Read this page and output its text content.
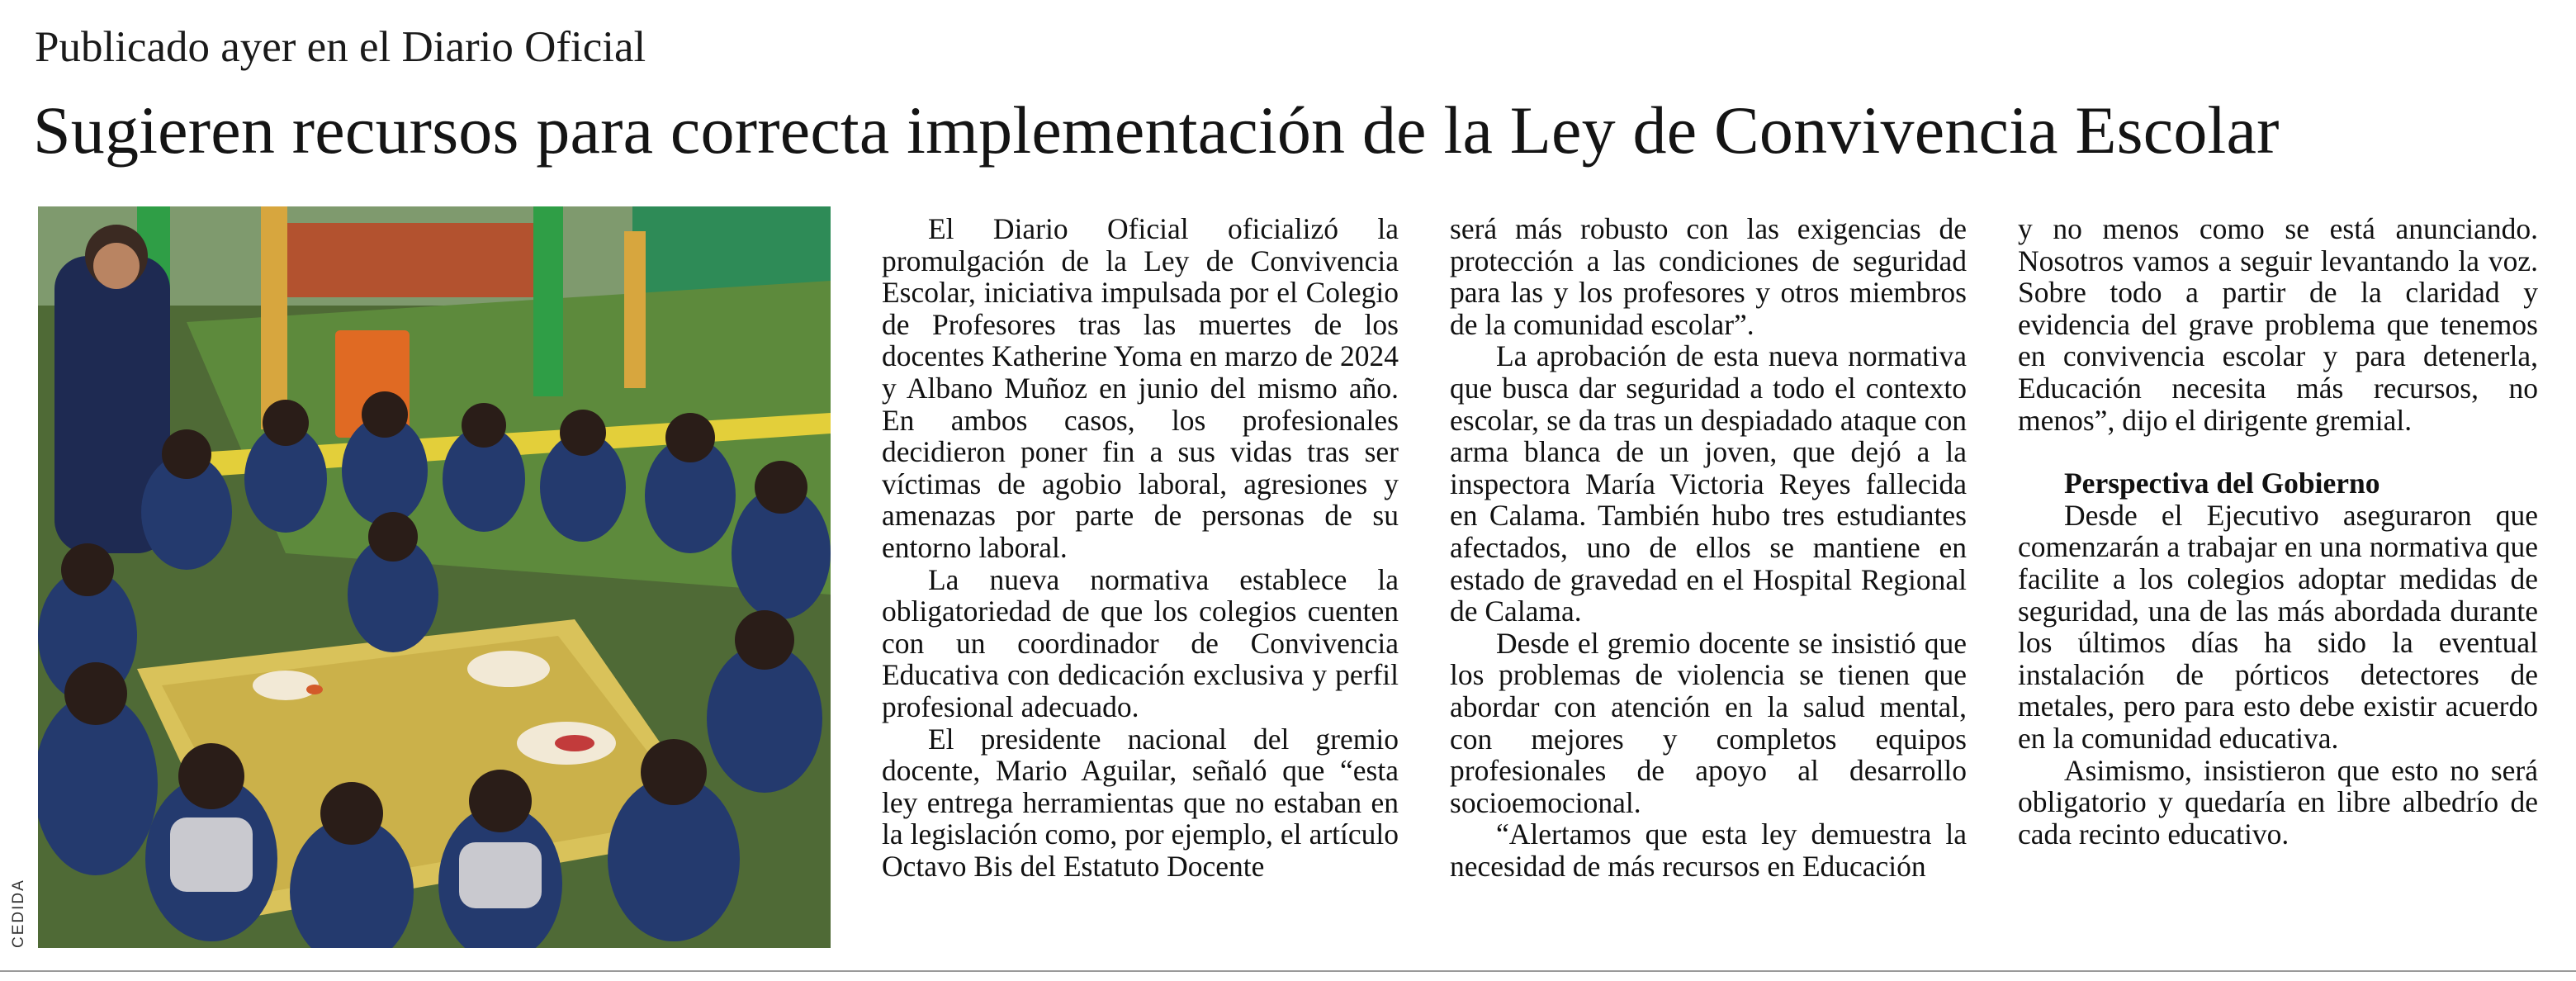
Publicado ayer en el Diario Oficial
Sugieren recursos para correcta implementación de la Ley de Convivencia Escolar
CEDIDA

El Diario Oficial oficializó la promulgación de la Ley de Convivencia Escolar, iniciativa impulsada por el Colegio de Profesores tras las muertes de los docentes Katherine Yoma en marzo de 2024 y Albano Muñoz en junio del mismo año. En ambos casos, los profesionales decidieron poner fin a sus vidas tras ser víctimas de agobio laboral, agresiones y amenazas por parte de personas de su entorno laboral.

La nueva normativa establece la obligatoriedad de que los colegios cuenten con un coordinador de Convivencia Educativa con dedicación exclusiva y perfil profesional adecuado.

El presidente nacional del gremio docente, Mario Aguilar, señaló que “esta ley entrega herramientas que no estaban en la legislación como, por ejemplo, el artículo Octavo Bis del Estatuto Docente

será más robusto con las exigencias de protección a las condiciones de seguridad para las y los profesores y otros miembros de la comunidad escolar”.

La aprobación de esta nueva normativa que busca dar seguridad a todo el contexto escolar, se da tras un despiadado ataque con arma blanca de un joven, que dejó a la inspectora María Victoria Reyes fallecida en Calama. También hubo tres estudiantes afectados, uno de ellos se mantiene en estado de gravedad en el Hospital Regional de Calama.

Desde el gremio docente se insistió que los problemas de violencia se tienen que abordar con atención en la salud mental, con mejores y completos equipos profesionales de apoyo al desarrollo socioemocional.

“Alertamos que esta ley demuestra la necesidad de más recursos en Educación

y no menos como se está anunciando. Nosotros vamos a seguir levantando la voz. Sobre todo a partir de la claridad y evidencia del grave problema que tenemos en convivencia escolar y para detenerla, Educación necesita más recursos, no menos”, dijo el dirigente gremial.

Perspectiva del Gobierno

Desde el Ejecutivo aseguraron que comenzarán a trabajar en una normativa que facilite a los colegios adoptar medidas de seguridad, una de las más abordada durante los últimos días ha sido la eventual instalación de pórticos detectores de metales, pero para esto debe existir acuerdo en la comunidad educativa.

Asimismo, insistieron que esto no será obligatorio y quedaría en libre albedrío de cada recinto educativo.
